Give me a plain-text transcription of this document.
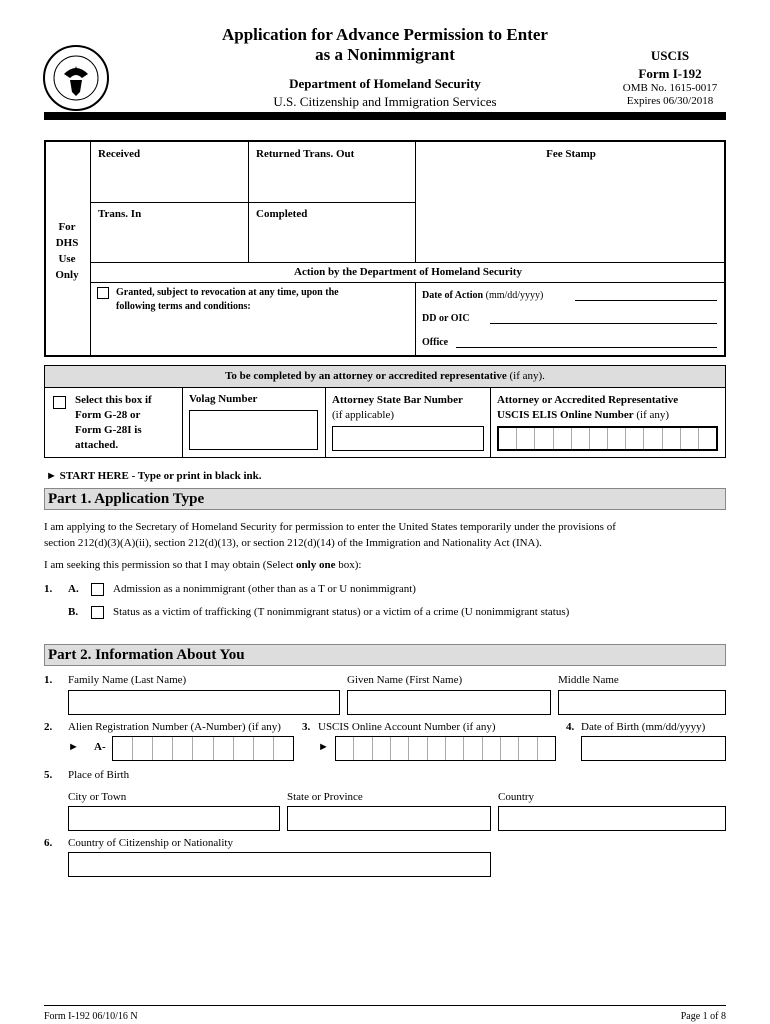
Application for Advance Permission to Enter
as a Nonimmigrant
Department of Homeland Security
U.S. Citizenship and Immigration Services
USCIS
Form I-192
OMB No. 1615-0017
Expires 06/30/2018
For
DHS
Use
Only
Received	Returned Trans. Out	Fee Stamp
Trans. In	Completed
Action by the Department of Homeland Security
Granted, subject to revocation at any time, upon the
following terms and conditions:
Date of Action (mm/dd/yyyy)
DD or OIC
Office
To be completed by an attorney or accredited representative (if any).
Select this box if
Form G-28 or
Form G-28I is
attached.
Volag Number	Attorney State Bar Number
(if applicable)
Attorney or Accredited Representative
USCIS ELIS Online Number (if any)
► START HERE - Type or print in black ink.
Part 1. Application Type
I am applying to the Secretary of Homeland Security for permission to enter the United States temporarily under the provisions of
section 212(d)(3)(A)(ii), section 212(d)(13), or section 212(d)(14) of the Immigration and Nationality Act (INA).
I am seeking this permission so that I may obtain (Select only one box):
1. A.	Admission as a nonimmigrant (other than as a T or U nonimmigrant)
B.	Status as a victim of trafficking (T nonimmigrant status) or a victim of a crime (U nonimmigrant status)
Part 2. Information About You
1. Family Name (Last Name)	Given Name (First Name)	Middle Name
2. Alien Registration Number (A-Number) (if any) 3. USCIS Online Account Number (if any)	4. Date of Birth (mm/dd/yyyy)
► A-	►
5. Place of Birth
City or Town	State or Province	Country
6. Country of Citizenship or Nationality
Form I-192 06/10/16 N	Page 1 of 8
